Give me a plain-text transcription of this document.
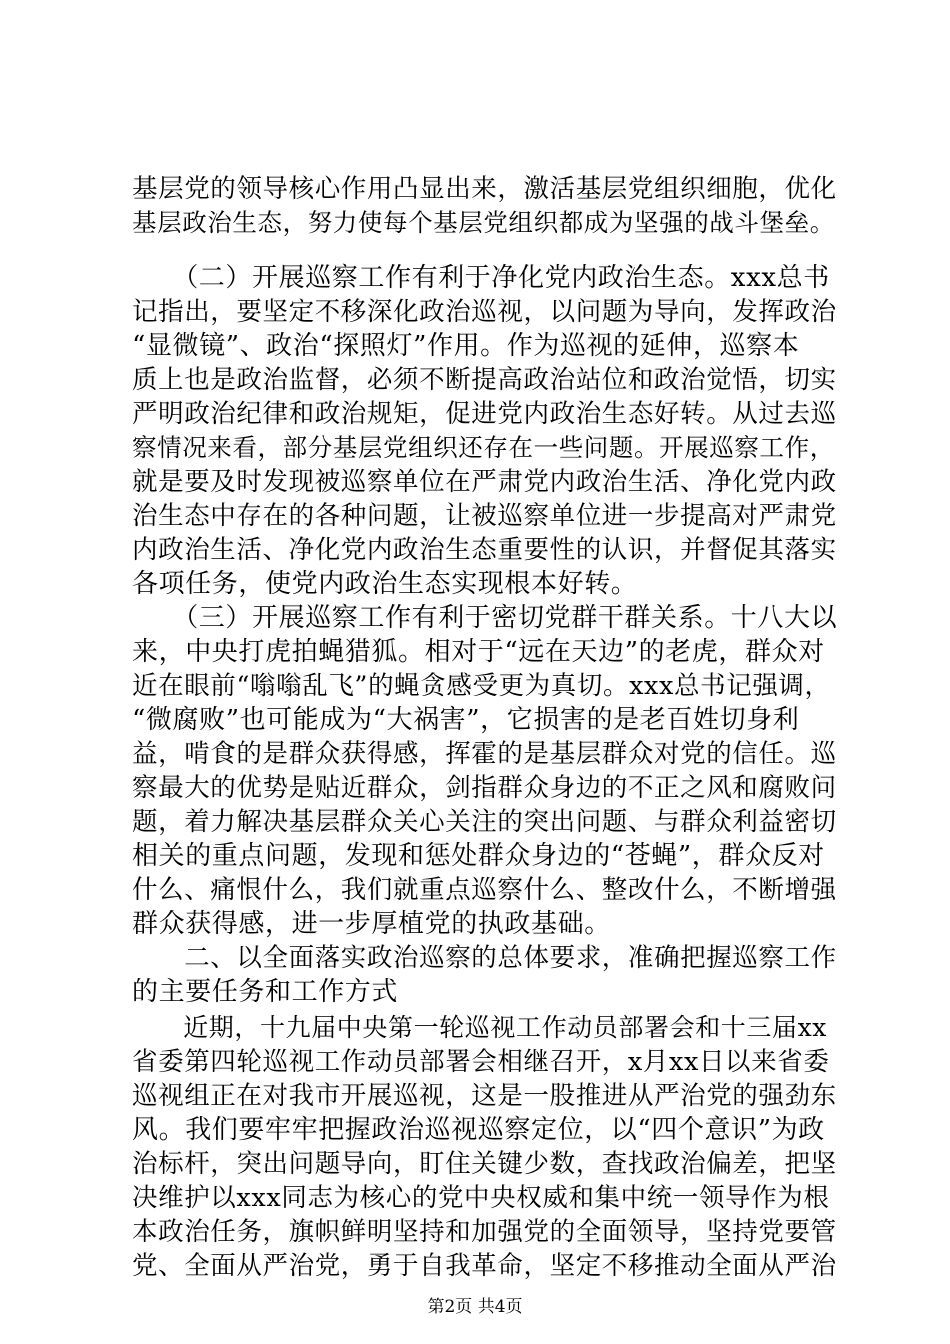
基层党的领导核心作用凸显出来，激活基层党组织细胞，优化
基层政治生态，努力使每个基层党组织都成为坚强的战斗堡垒。
　　（二）开展巡察工作有利于净化党内政治生态。xxx总书
记指出，要坚定不移深化政治巡视，以问题为导向，发挥政治
“显微镜”、政治“探照灯”作用。作为巡视的延伸，巡察本
质上也是政治监督，必须不断提高政治站位和政治觉悟，切实
严明政治纪律和政治规矩，促进党内政治生态好转。从过去巡
察情况来看，部分基层党组织还存在一些问题。开展巡察工作，
就是要及时发现被巡察单位在严肃党内政治生活、净化党内政
治生态中存在的各种问题，让被巡察单位进一步提高对严肃党
内政治生活、净化党内政治生态重要性的认识，并督促其落实
各项任务，使党内政治生态实现根本好转。
　　（三）开展巡察工作有利于密切党群干群关系。十八大以
来，中央打虎拍蝇猎狐。相对于“远在天边”的老虎，群众对
近在眼前“嗡嗡乱飞”的蝇贪感受更为真切。xxx总书记强调，
“微腐败”也可能成为“大祸害”，它损害的是老百姓切身利
益，啃食的是群众获得感，挥霍的是基层群众对党的信任。巡
察最大的优势是贴近群众，剑指群众身边的不正之风和腐败问
题，着力解决基层群众关心关注的突出问题、与群众利益密切
相关的重点问题，发现和惩处群众身边的“苍蝇”，群众反对
什么、痛恨什么，我们就重点巡察什么、整改什么，不断增强
群众获得感，进一步厚植党的执政基础。
　　二、以全面落实政治巡察的总体要求，准确把握巡察工作
的主要任务和工作方式
　　近期，十九届中央第一轮巡视工作动员部署会和十三届xx
省委第四轮巡视工作动员部署会相继召开，x月xx日以来省委
巡视组正在对我市开展巡视，这是一股推进从严治党的强劲东
风。我们要牢牢把握政治巡视巡察定位，以“四个意识”为政
治标杆，突出问题导向，盯住关键少数，查找政治偏差，把坚
决维护以xxx同志为核心的党中央权威和集中统一领导作为根
本政治任务，旗帜鲜明坚持和加强党的全面领导，坚持党要管
党、全面从严治党，勇于自我革命，坚定不移推动全面从严治
第2页 共4页
